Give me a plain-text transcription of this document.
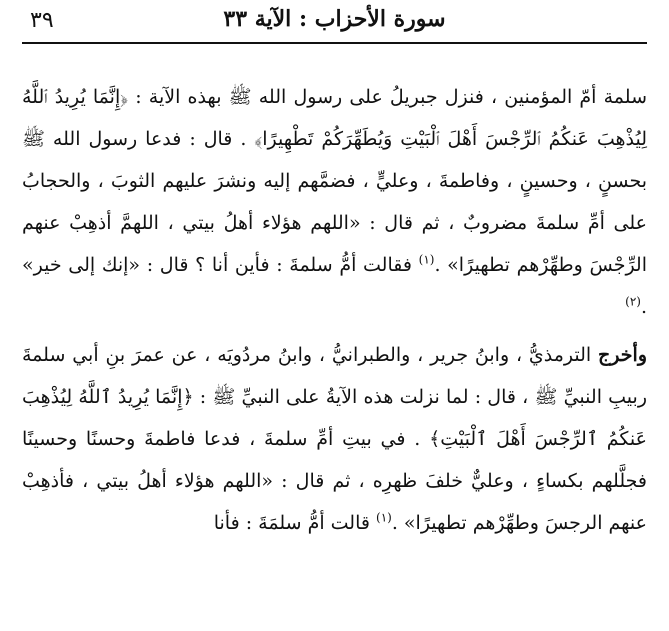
٣٩	سورة الأحزاب : الآية ٣٣

سلمة أمّ المؤمنين ، فنزل جبريلُ على رسول الله ﷺ بهذه الآية : ﴿إِنَّمَا يُرِيدُ ٱللَّهُ لِيُذْهِبَ عَنكُمُ ٱلرِّجْسَ أَهْلَ ٱلْبَيْتِ وَيُطَهِّرَكُمْ تَطْهِيرًا﴾ . قال : فدعا رسول الله ﷺ بحسنٍ ، وحسينٍ ، وفاطمةَ ، وعليٍّ ، فضمَّهم إليه ونشرَ عليهم الثوبَ ، والحجابُ على أمِّ سلمةَ مضروبٌ ، ثم قال : «اللهم هؤلاء أهلُ بيتي ، اللهمَّ أذهِبْ عنهم الرِّجْسَ وطهِّرْهم تطهيرًا» .$^{(١)}$ فقالت أمُّ سلمةَ : فأين أنا ؟ قال : «إنك إلى خير» .$^{(٢)}$

وأخرج الترمذيُّ ، وابنُ جرير ، والطبرانيُّ ، وابنُ مردُويَه ، عن عمرَ بنِ أبي سلمةَ ربيبِ النبيِّ ﷺ ، قال : لما نزلت هذه الآيةُ على النبيِّ ﷺ : ﴿إِنَّمَا يُرِيدُ ٱللَّهُ لِيُذْهِبَ عَنكُمُ ٱلرِّجْسَ أَهْلَ ٱلْبَيْتِ﴾ . في بيتِ أمِّ سلمةَ ، فدعا فاطمةَ وحسنًا وحسينًا فجلَّلهم بكساءٍ ، وعليٌّ خلفَ ظهرِه ، ثم قال : «اللهم هؤلاء أهلُ بيتي ، فأذهِبْ عنهم الرجسَ وطهِّرْهم تطهيرًا» .$^{(١)}$ قالت أمُّ سلمَةَ : فأنا
